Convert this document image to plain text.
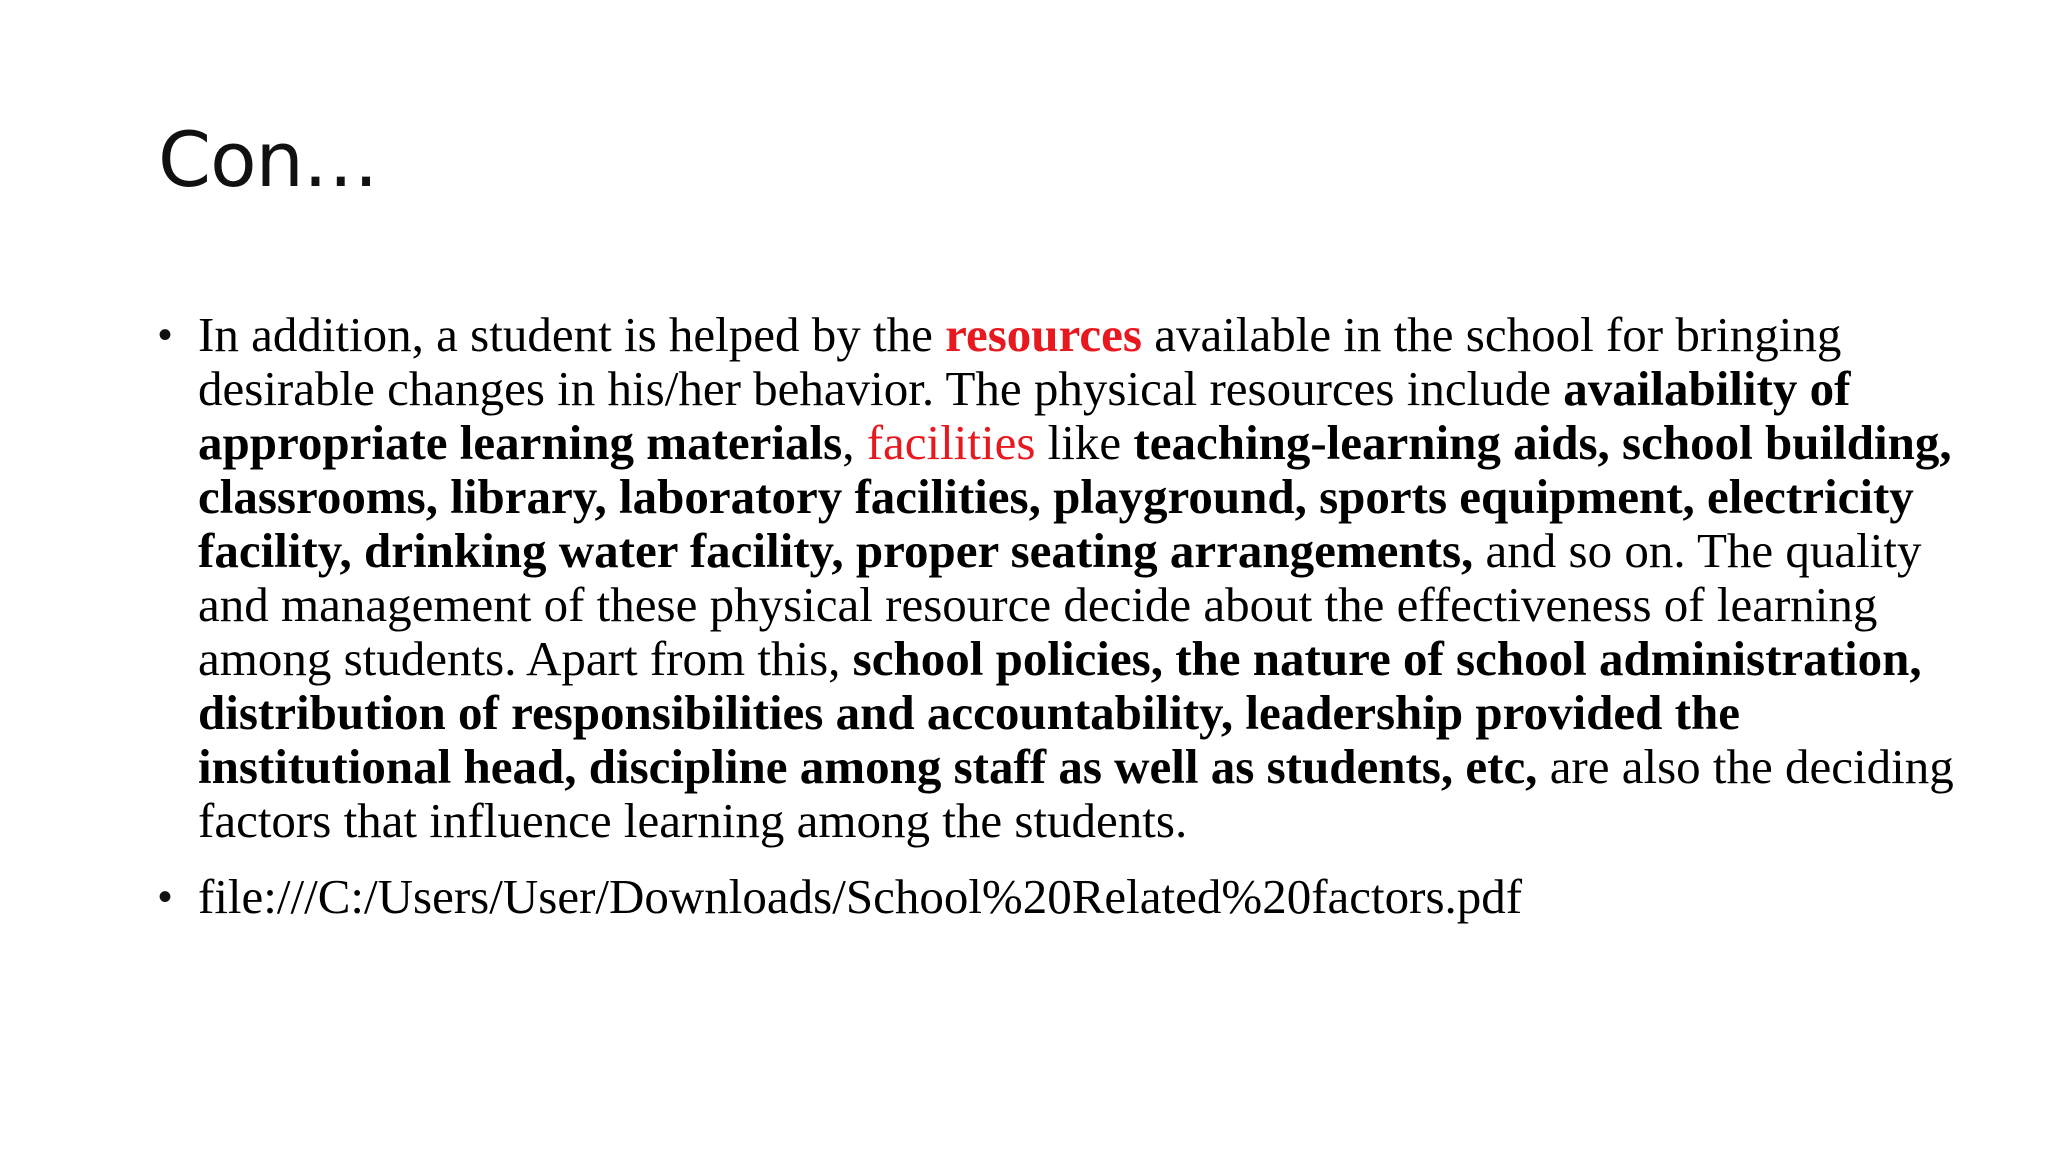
Con…
• In addition, a student is helped by the resources available in the school for bringing desirable changes in his/her behavior. The physical resources include availability of appropriate learning materials, facilities like teaching-learning aids, school building, classrooms, library, laboratory facilities, playground, sports equipment, electricity facility, drinking water facility, proper seating arrangements, and so on. The quality and management of these physical resource decide about the effectiveness of learning among students. Apart from this, school policies, the nature of school administration, distribution of responsibilities and accountability, leadership provided the institutional head, discipline among staff as well as students, etc, are also the deciding factors that influence learning among the students.
• file:///C:/Users/User/Downloads/School%20Related%20factors.pdf
